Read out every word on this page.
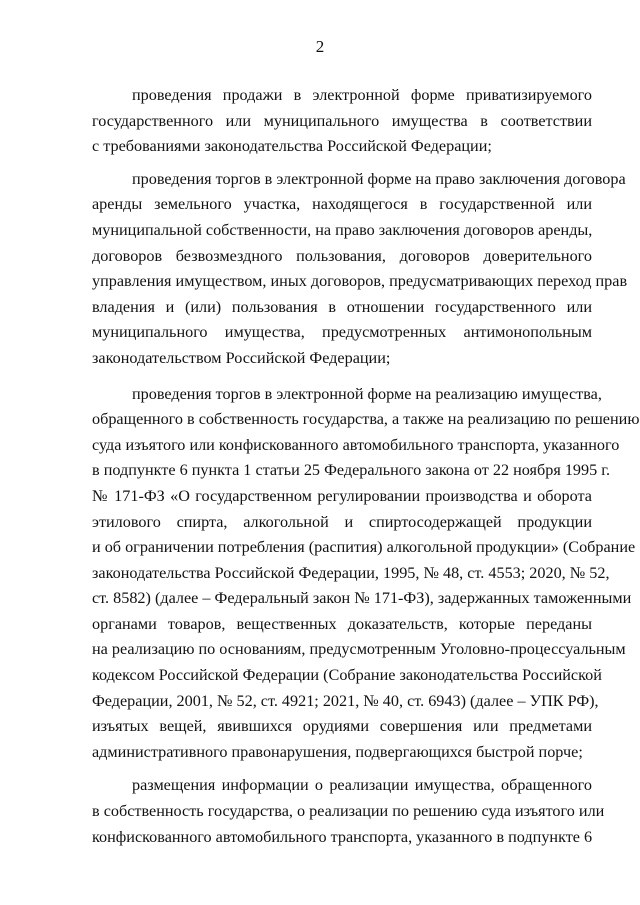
2
проведения продажи в электронной форме приватизируемого
государственного или муниципального имущества в соответствии
с требованиями законодательства Российской Федерации;
проведения торгов в электронной форме на право заключения договора
аренды земельного участка, находящегося в государственной или
муниципальной собственности, на право заключения договоров аренды,
договоров безвозмездного пользования, договоров доверительного
управления имуществом, иных договоров, предусматривающих переход прав
владения и (или) пользования в отношении государственного или
муниципального имущества, предусмотренных антимонопольным
законодательством Российской Федерации;
проведения торгов в электронной форме на реализацию имущества,
обращенного в собственность государства, а также на реализацию по решению
суда изъятого или конфискованного автомобильного транспорта, указанного
в подпункте 6 пункта 1 статьи 25 Федерального закона от 22 ноября 1995 г.
№ 171-ФЗ «О государственном регулировании производства и оборота
этилового спирта, алкогольной и спиртосодержащей продукции
и об ограничении потребления (распития) алкогольной продукции» (Собрание
законодательства Российской Федерации, 1995, № 48, ст. 4553; 2020, № 52,
ст. 8582) (далее – Федеральный закон № 171-ФЗ), задержанных таможенными
органами товаров, вещественных доказательств, которые переданы
на реализацию по основаниям, предусмотренным Уголовно-процессуальным
кодексом Российской Федерации (Собрание законодательства Российской
Федерации, 2001, № 52, ст. 4921; 2021, № 40, ст. 6943) (далее – УПК РФ),
изъятых вещей, явившихся орудиями совершения или предметами
административного правонарушения, подвергающихся быстрой порче;
размещения информации о реализации имущества, обращенного
в собственность государства, о реализации по решению суда изъятого или
конфискованного автомобильного транспорта, указанного в подпункте 6
